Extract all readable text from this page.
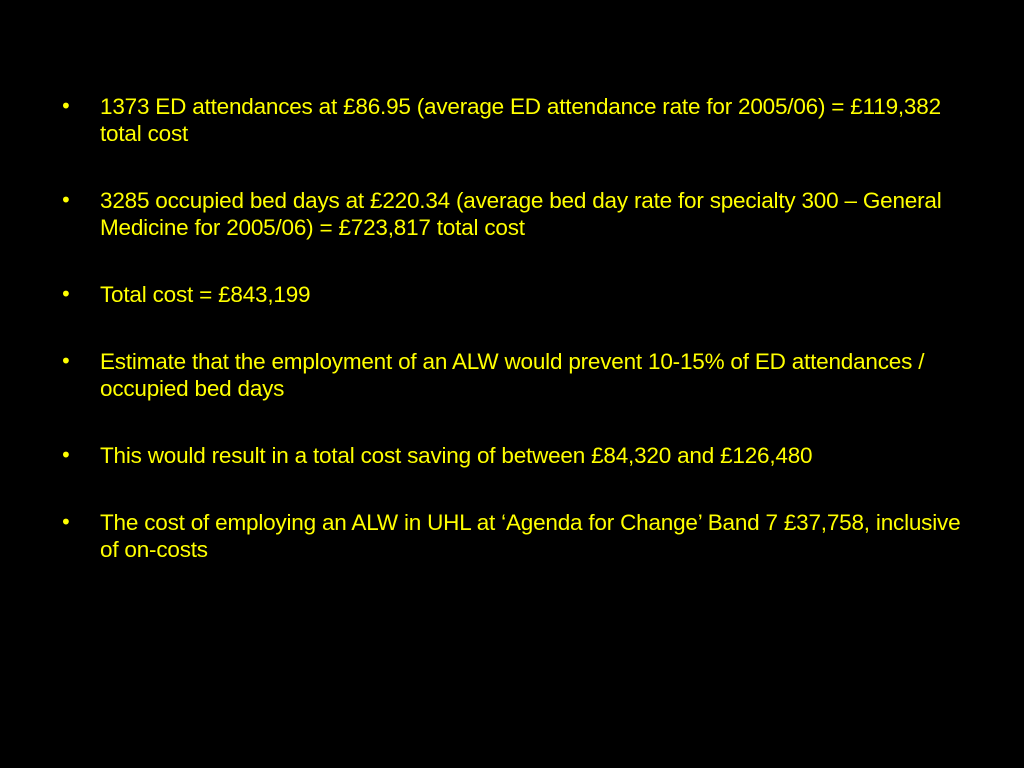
• 1373 ED attendances at £86.95 (average ED attendance rate for 2005/06) = £119,382 total cost
• 3285 occupied bed days at £220.34 (average bed day rate for specialty 300 – General Medicine for 2005/06) = £723,817 total cost
• Total cost = £843,199
• Estimate that the employment of an ALW would prevent 10-15% of ED attendances / occupied bed days
• This would result in a total cost saving of between £84,320 and £126,480
• The cost of employing an ALW in UHL at ‘Agenda for Change’ Band 7 £37,758, inclusive of on-costs
